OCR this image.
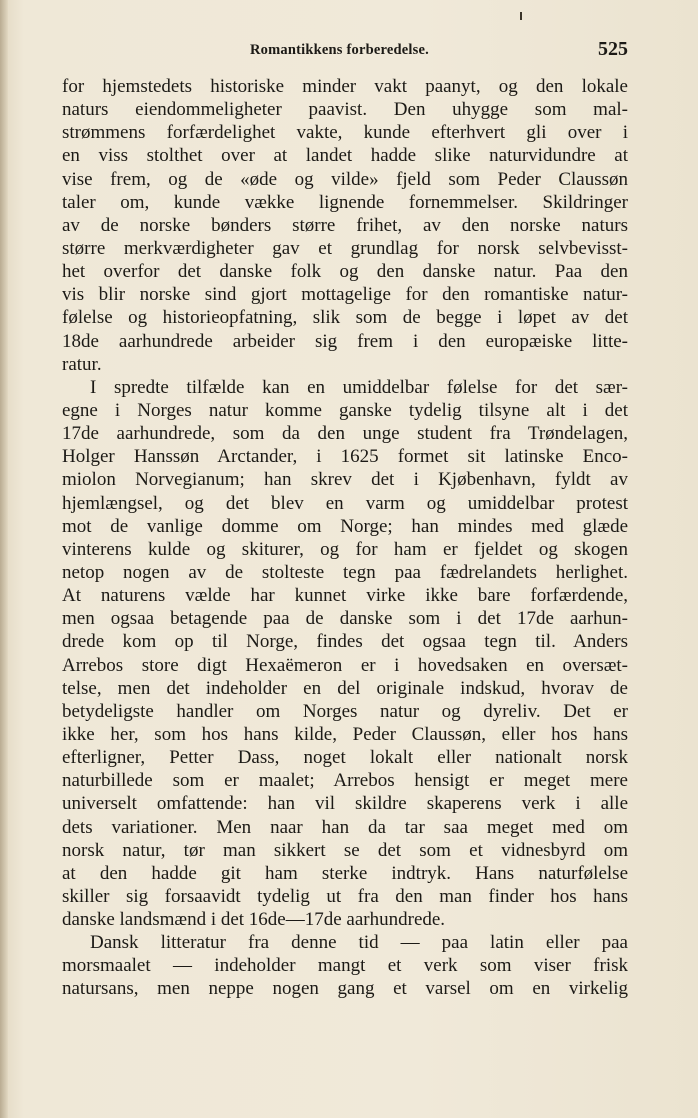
Romantikkens forberedelse.	525
for hjemstedets historiske minder vakt paanyt, og den lokale
naturs eiendommeligheter paavist. Den uhygge som mal-
strømmens forfærdelighet vakte, kunde efterhvert gli over i
en viss stolthet over at landet hadde slike naturvidundre at
vise frem, og de «øde og vilde» fjeld som Peder Claussøn
taler om, kunde vække lignende fornemmelser. Skildringer
av de norske bønders større frihet, av den norske naturs
større merkværdigheter gav et grundlag for norsk selvbevisst-
het overfor det danske folk og den danske natur. Paa den
vis blir norske sind gjort mottagelige for den romantiske natur-
følelse og historieopfatning, slik som de begge i løpet av det
18de aarhundrede arbeider sig frem i den europæiske litte-
ratur.
I spredte tilfælde kan en umiddelbar følelse for det sær-
egne i Norges natur komme ganske tydelig tilsyne alt i det
17de aarhundrede, som da den unge student fra Trøndelagen,
Holger Hanssøn Arctander, i 1625 formet sit latinske Enco-
miolon Norvegianum; han skrev det i Kjøbenhavn, fyldt av
hjemlængsel, og det blev en varm og umiddelbar protest
mot de vanlige domme om Norge; han mindes med glæde
vinterens kulde og skiturer, og for ham er fjeldet og skogen
netop nogen av de stolteste tegn paa fædrelandets herlighet.
At naturens vælde har kunnet virke ikke bare forfærdende,
men ogsaa betagende paa de danske som i det 17de aarhun-
drede kom op til Norge, findes det ogsaa tegn til. Anders
Arrebos store digt Hexaëmeron er i hovedsaken en oversæt-
telse, men det indeholder en del originale indskud, hvorav de
betydeligste handler om Norges natur og dyreliv. Det er
ikke her, som hos hans kilde, Peder Claussøn, eller hos hans
efterligner, Petter Dass, noget lokalt eller nationalt norsk
naturbillede som er maalet; Arrebos hensigt er meget mere
universelt omfattende: han vil skildre skaperens verk i alle
dets variationer. Men naar han da tar saa meget med om
norsk natur, tør man sikkert se det som et vidnesbyrd om
at den hadde git ham sterke indtryk. Hans naturfølelse
skiller sig forsaavidt tydelig ut fra den man finder hos hans
danske landsmænd i det 16de—17de aarhundrede.
Dansk litteratur fra denne tid — paa latin eller paa
morsmaalet — indeholder mangt et verk som viser frisk
natursans, men neppe nogen gang et varsel om en virkelig
